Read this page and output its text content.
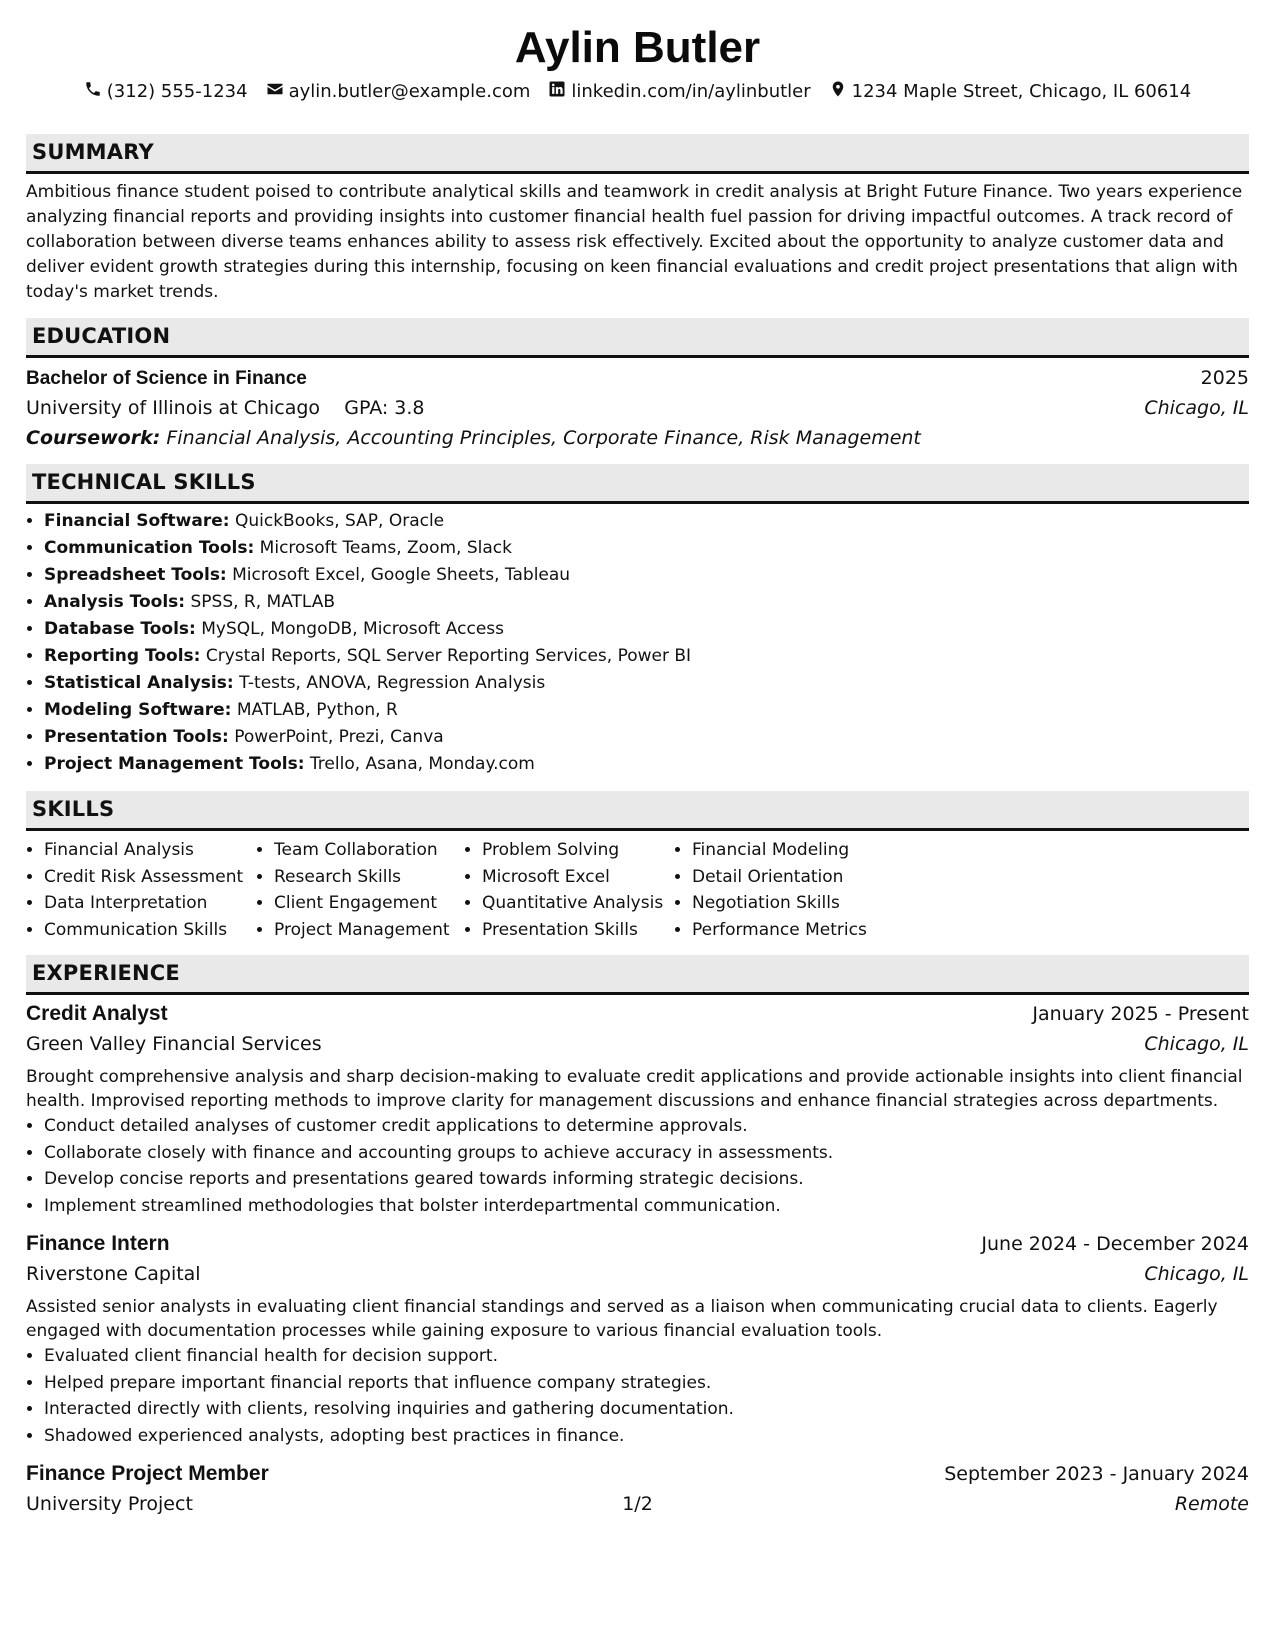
Aylin Butler
(312) 555-1234 aylin.butler@example.com linkedin.com/in/aylinbutler 1234 Maple Street, Chicago, IL 60614
SUMMARY
Ambitious finance student poised to contribute analytical skills and teamwork in credit analysis at Bright Future Finance. Two years experience analyzing financial reports and providing insights into customer financial health fuel passion for driving impactful outcomes. A track record of collaboration between diverse teams enhances ability to assess risk effectively. Excited about the opportunity to analyze customer data and deliver evident growth strategies during this internship, focusing on keen financial evaluations and credit project presentations that align with today's market trends.
EDUCATION
Bachelor of Science in Finance	2025
University of Illinois at Chicago GPA: 3.8	Chicago, IL
Coursework: Financial Analysis, Accounting Principles, Corporate Finance, Risk Management
TECHNICAL SKILLS
• Financial Software: QuickBooks, SAP, Oracle
• Communication Tools: Microsoft Teams, Zoom, Slack
• Spreadsheet Tools: Microsoft Excel, Google Sheets, Tableau
• Analysis Tools: SPSS, R, MATLAB
• Database Tools: MySQL, MongoDB, Microsoft Access
• Reporting Tools: Crystal Reports, SQL Server Reporting Services, Power BI
• Statistical Analysis: T-tests, ANOVA, Regression Analysis
• Modeling Software: MATLAB, Python, R
• Presentation Tools: PowerPoint, Prezi, Canva
• Project Management Tools: Trello, Asana, Monday.com
SKILLS
• Financial Analysis
• Credit Risk Assessment
• Data Interpretation
• Communication Skills
• Team Collaboration
• Research Skills
• Client Engagement
• Project Management
• Problem Solving
• Microsoft Excel
• Quantitative Analysis
• Presentation Skills
• Financial Modeling
• Detail Orientation
• Negotiation Skills
• Performance Metrics
EXPERIENCE
Credit Analyst	January 2025 - Present
Green Valley Financial Services	Chicago, IL
Brought comprehensive analysis and sharp decision-making to evaluate credit applications and provide actionable insights into client financial health. Improvised reporting methods to improve clarity for management discussions and enhance financial strategies across departments.
• Conduct detailed analyses of customer credit applications to determine approvals.
• Collaborate closely with finance and accounting groups to achieve accuracy in assessments.
• Develop concise reports and presentations geared towards informing strategic decisions.
• Implement streamlined methodologies that bolster interdepartmental communication.
Finance Intern	June 2024 - December 2024
Riverstone Capital	Chicago, IL
Assisted senior analysts in evaluating client financial standings and served as a liaison when communicating crucial data to clients. Eagerly engaged with documentation processes while gaining exposure to various financial evaluation tools.
• Evaluated client financial health for decision support.
• Helped prepare important financial reports that influence company strategies.
• Interacted directly with clients, resolving inquiries and gathering documentation.
• Shadowed experienced analysts, adopting best practices in finance.
Finance Project Member	September 2023 - January 2024
University Project	Remote
1/2
